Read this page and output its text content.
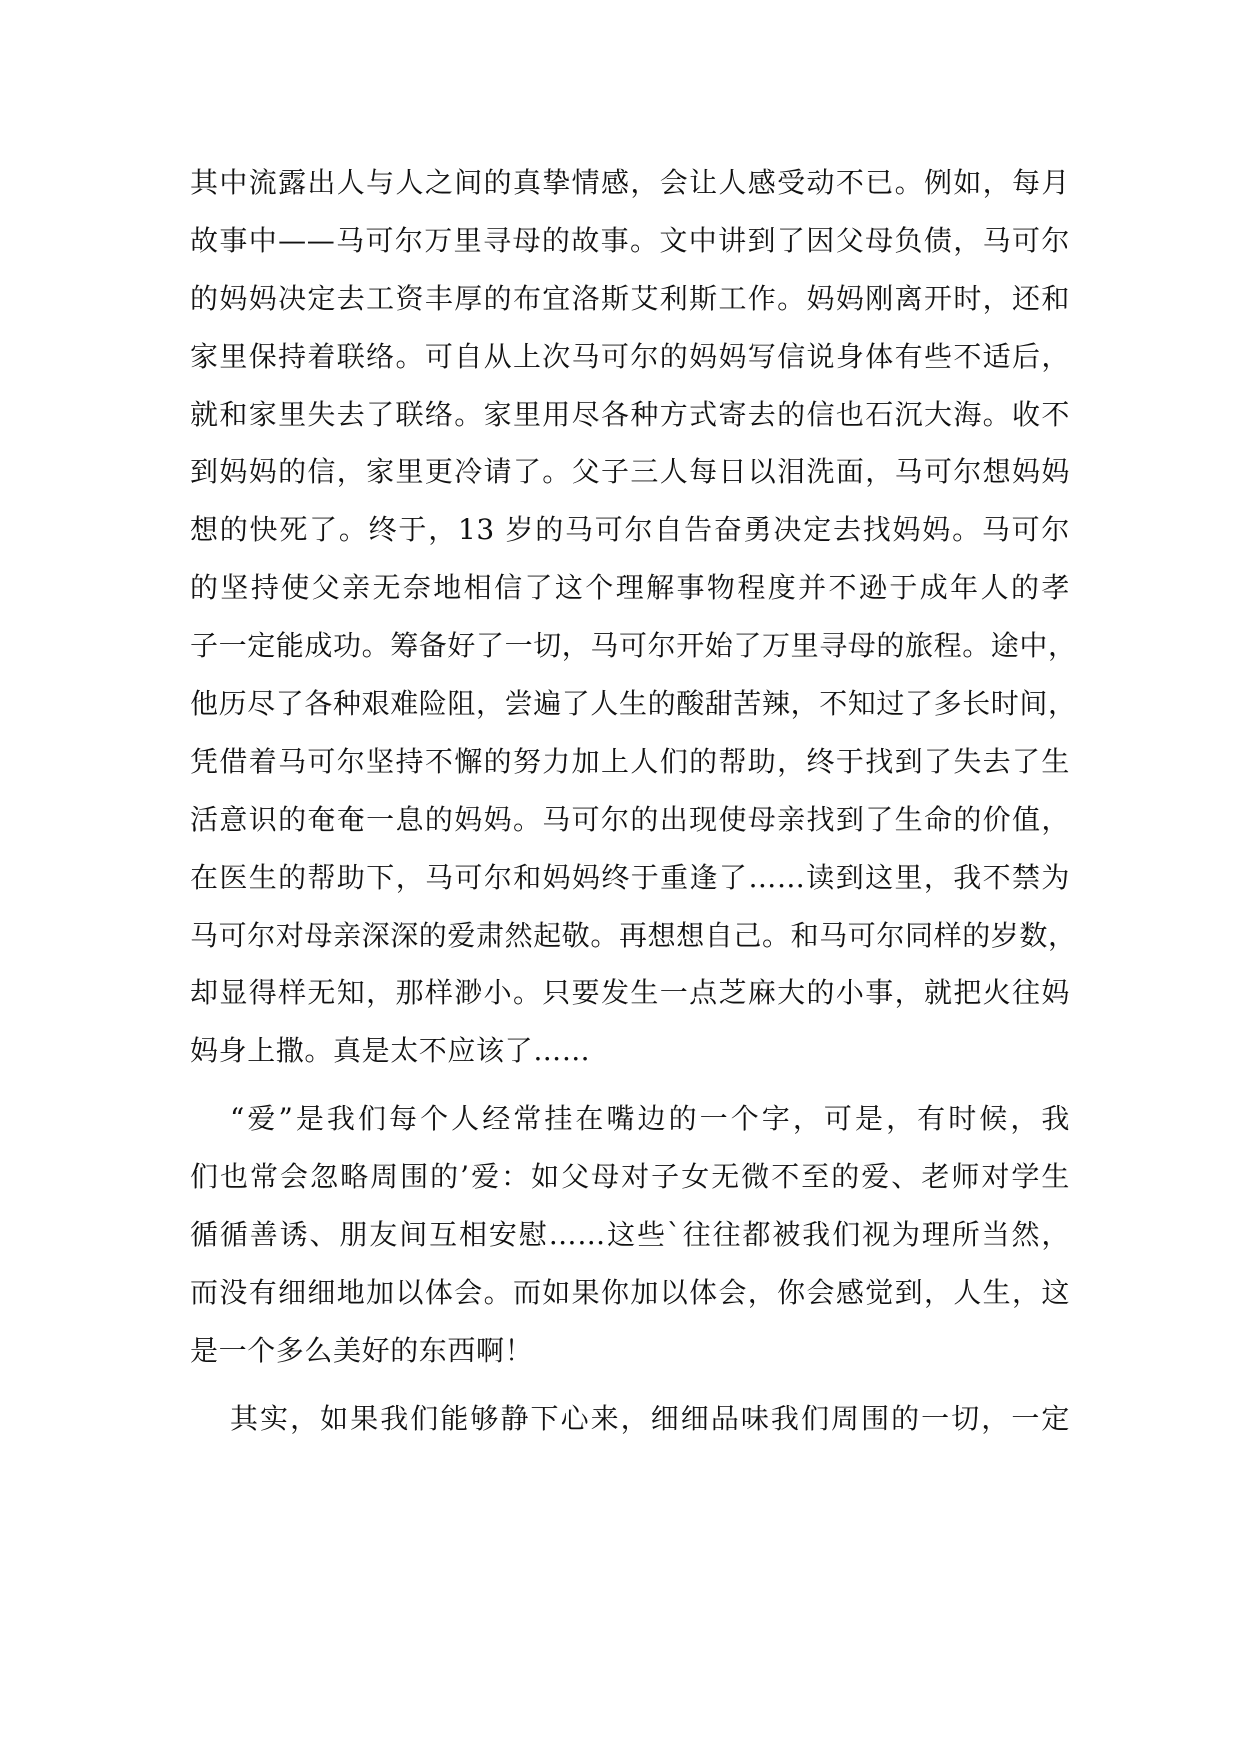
其中流露出人与人之间的真挚情感，会让人感受动不已。例如，每月
故事中——马可尔万里寻母的故事。文中讲到了因父母负债，马可尔
的妈妈决定去工资丰厚的布宜洛斯艾利斯工作。妈妈刚离开时，还和
家里保持着联络。可自从上次马可尔的妈妈写信说身体有些不适后，
就和家里失去了联络。家里用尽各种方式寄去的信也石沉大海。收不
到妈妈的信，家里更冷请了。父子三人每日以泪洗面，马可尔想妈妈
想的快死了。终于，13 岁的马可尔自告奋勇决定去找妈妈。马可尔
的坚持使父亲无奈地相信了这个理解事物程度并不逊于成年人的孝
子一定能成功。筹备好了一切，马可尔开始了万里寻母的旅程。途中，
他历尽了各种艰难险阻，尝遍了人生的酸甜苦辣，不知过了多长时间，
凭借着马可尔坚持不懈的努力加上人们的帮助，终于找到了失去了生
活意识的奄奄一息的妈妈。马可尔的出现使母亲找到了生命的价值，
在医生的帮助下，马可尔和妈妈终于重逢了……读到这里，我不禁为
马可尔对母亲深深的爱肃然起敬。再想想自己。和马可尔同样的岁数，
却显得样无知，那样渺小。只要发生一点芝麻大的小事，就把火往妈
妈身上撒。真是太不应该了……
“爱”是我们每个人经常挂在嘴边的一个字，可是，有时候，我
们也常会忽略周围的’爱：如父母对子女无微不至的爱、老师对学生
循循善诱、朋友间互相安慰……这些`往往都被我们视为理所当然，
而没有细细地加以体会。而如果你加以体会，你会感觉到，人生，这
是一个多么美好的东西啊！
其实，如果我们能够静下心来，细细品味我们周围的一切，一定
